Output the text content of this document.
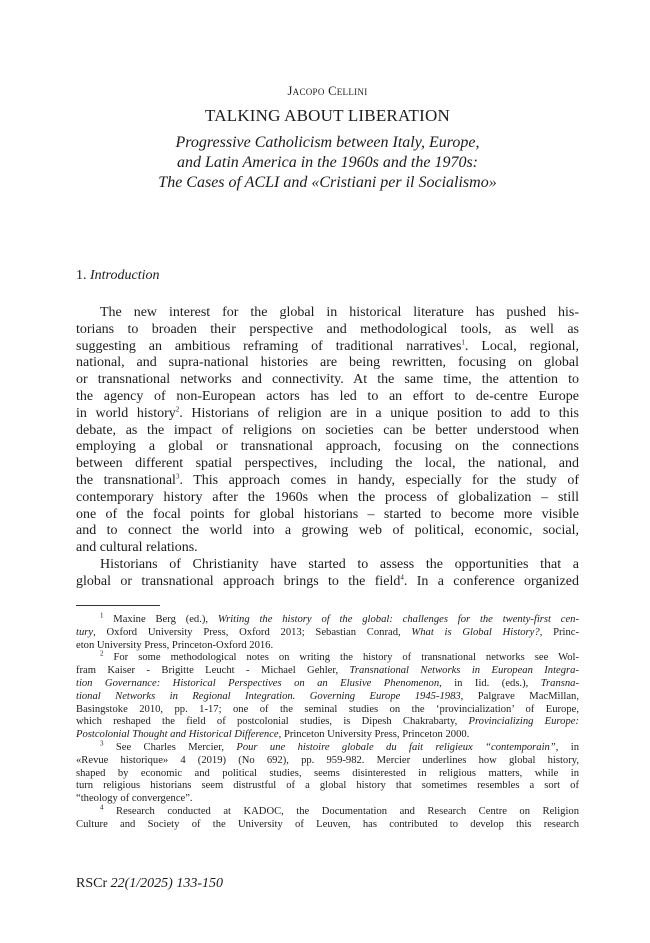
Jacopo Cellini
TALKING ABOUT LIBERATION
Progressive Catholicism between Italy, Europe,
and Latin America in the 1960s and the 1970s:
The Cases of ACLI and «Cristiani per il Socialismo»
1. Introduction
The new interest for the global in historical literature has pushed his-
torians to broaden their perspective and methodological tools, as well as
suggesting an ambitious reframing of traditional narratives$^1$. Local, regional,
national, and supra-national histories are being rewritten, focusing on global
or transnational networks and connectivity. At the same time, the attention to
the agency of non-European actors has led to an effort to de-centre Europe
in world history$^2$. Historians of religion are in a unique position to add to this
debate, as the impact of religions on societies can be better understood when
employing a global or transnational approach, focusing on the connections
between different spatial perspectives, including the local, the national, and
the transnational$^3$. This approach comes in handy, especially for the study of
contemporary history after the 1960s when the process of globalization – still
one of the focal points for global historians – started to become more visible
and to connect the world into a growing web of political, economic, social,
and cultural relations.
Historians of Christianity have started to assess the opportunities that a
global or transnational approach brings to the field$^4$. In a conference organized
$^1$ Maxine Berg (ed.), Writing the history of the global: challenges for the twenty-first cen-
tury, Oxford University Press, Oxford 2013; Sebastian Conrad, What is Global History?, Princ-
eton University Press, Princeton-Oxford 2016.
$^2$ For some methodological notes on writing the history of transnational networks see Wol-
fram Kaiser - Brigitte Leucht - Michael Gehler, Transnational Networks in European Integra-
tion Governance: Historical Perspectives on an Elusive Phenomenon, in Iid. (eds.), Transna-
tional Networks in Regional Integration. Governing Europe 1945-1983, Palgrave MacMillan,
Basingstoke 2010, pp. 1-17; one of the seminal studies on the ‘provincialization’ of Europe,
which reshaped the field of postcolonial studies, is Dipesh Chakrabarty, Provincializing Europe:
Postcolonial Thought and Historical Difference, Princeton University Press, Princeton 2000.
$^3$ See Charles Mercier, Pour une histoire globale du fait religieux “contemporain”, in
«Revue historique» 4 (2019) (No 692), pp. 959-982. Mercier underlines how global history,
shaped by economic and political studies, seems disinterested in religious matters, while in
turn religious historians seem distrustful of a global history that sometimes resembles a sort of
“theology of convergence”.
$^4$ Research conducted at KADOC, the Documentation and Research Centre on Religion
Culture and Society of the University of Leuven, has contributed to develop this research
RSCr 22(1/2025) 133-150
